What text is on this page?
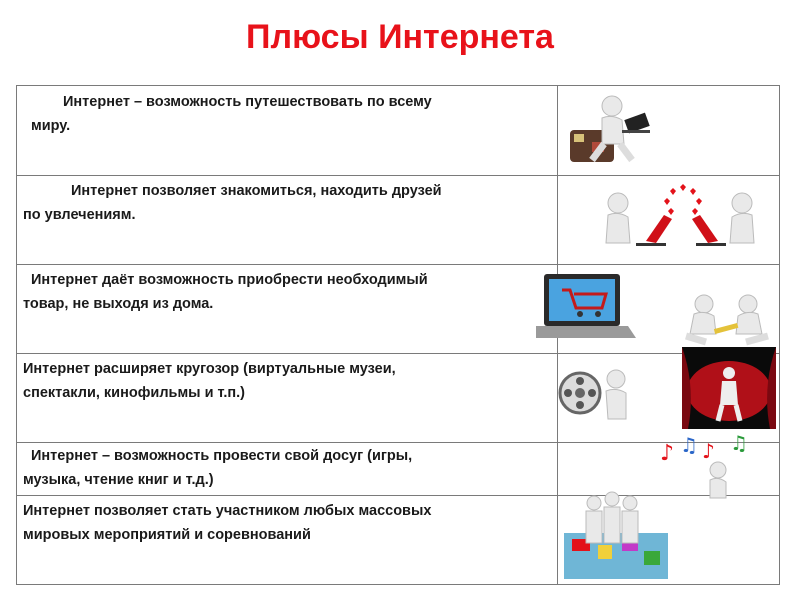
Плюсы Интернета
Интернет – возможность путешествовать по всему
миру.
Интернет позволяет знакомиться, находить друзей
по увлечениям.
Интернет даёт возможность приобрести необходимый
товар, не выходя из дома.
Интернет расширяет кругозор (виртуальные музеи,
спектакли, кинофильмы и т.п.)
Интернет – возможность провести свой досуг (игры,
музыка, чтение книг и т.д.)
♪ ♫ ♪ ♫
Интернет позволяет стать участником любых массовых
мировых мероприятий и соревнований
